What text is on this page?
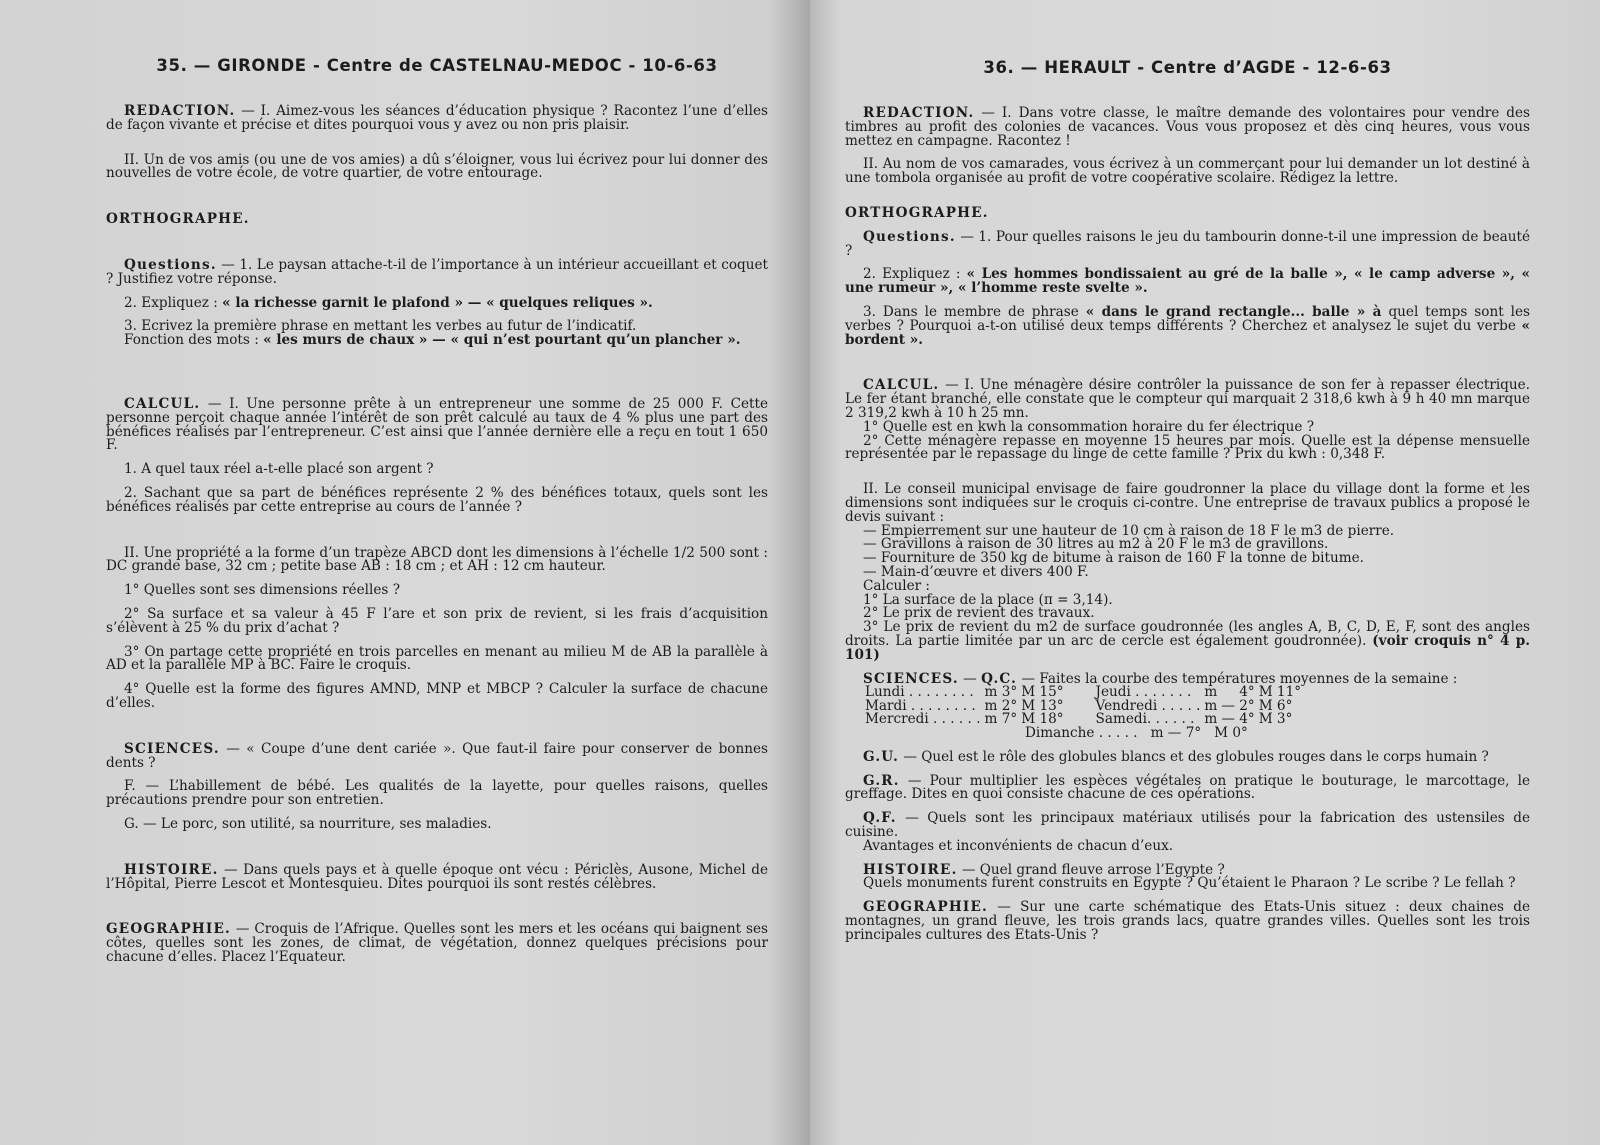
35. — GIRONDE - Centre de CASTELNAU-MEDOC - 10-6-63

REDACTION. — I. Aimez-vous les séances d’éducation physique ? Racontez l’une d’elles de façon vivante et précise et dites pourquoi vous y avez ou non pris plaisir.

II. Un de vos amis (ou une de vos amies) a dû s’éloigner, vous lui écrivez pour lui donner des nouvelles de votre école, de votre quartier, de votre entourage.

ORTHOGRAPHE.

Questions. — 1. Le paysan attache-t-il de l’importance à un intérieur accueillant et coquet ? Justifiez votre réponse.

2. Expliquez : « la richesse garnit le plafond » — « quelques reliques ».

3. Ecrivez la première phrase en mettant les verbes au futur de l’indicatif.

Fonction des mots : « les murs de chaux » — « qui n’est pourtant qu’un plancher ».

CALCUL. — I. Une personne prête à un entrepreneur une somme de 25 000 F. Cette personne perçoit chaque année l’intérêt de son prêt calculé au taux de 4 % plus une part des bénéfices réalisés par l’entrepreneur. C’est ainsi que l’année dernière elle a reçu en tout 1 650 F.

1. A quel taux réel a-t-elle placé son argent ?

2. Sachant que sa part de bénéfices représente 2 % des bénéfices totaux, quels sont les bénéfices réalisés par cette entreprise au cours de l’année ?

II. Une propriété a la forme d’un trapèze ABCD dont les dimensions à l’échelle 1/2 500 sont : DC grande base, 32 cm ; petite base AB : 18 cm ; et AH : 12 cm hauteur.

1° Quelles sont ses dimensions réelles ?

2° Sa surface et sa valeur à 45 F l’are et son prix de revient, si les frais d’acquisition s’élèvent à 25 % du prix d’achat ?

3° On partage cette propriété en trois parcelles en menant au milieu M de AB la parallèle à AD et la parallèle MP à BC. Faire le croquis.

4° Quelle est la forme des figures AMND, MNP et MBCP ? Calculer la surface de chacune d’elles.

SCIENCES. — « Coupe d’une dent cariée ». Que faut-il faire pour conserver de bonnes dents ?

F. — L’habillement de bébé. Les qualités de la layette, pour quelles raisons, quelles précautions prendre pour son entretien.

G. — Le porc, son utilité, sa nourriture, ses maladies.

HISTOIRE. — Dans quels pays et à quelle époque ont vécu : Périclès, Ausone, Michel de l’Hôpital, Pierre Lescot et Montesquieu. Dites pourquoi ils sont restés célèbres.

GEOGRAPHIE. — Croquis de l’Afrique. Quelles sont les mers et les océans qui baignent ses côtes, quelles sont les zones, de climat, de végétation, donnez quelques précisions pour chacune d’elles. Placez l’Equateur.

36. — HERAULT - Centre d’AGDE - 12-6-63

REDACTION. — I. Dans votre classe, le maître demande des volontaires pour vendre des timbres au profit des colonies de vacances. Vous vous proposez et dès cinq heures, vous vous mettez en campagne. Racontez !

II. Au nom de vos camarades, vous écrivez à un commerçant pour lui demander un lot destiné à une tombola organisée au profit de votre coopérative scolaire. Rédigez la lettre.

ORTHOGRAPHE.

Questions. — 1. Pour quelles raisons le jeu du tambourin donne-t-il une impression de beauté ?

2. Expliquez : « Les hommes bondissaient au gré de la balle », « le camp adverse », « une rumeur », « l’homme reste svelte ».

3. Dans le membre de phrase « dans le grand rectangle... balle » à quel temps sont les verbes ? Pourquoi a-t-on utilisé deux temps différents ? Cherchez et analysez le sujet du verbe « bordent ».

CALCUL. — I. Une ménagère désire contrôler la puissance de son fer à repasser électrique. Le fer étant branché, elle constate que le compteur qui marquait 2 318,6 kwh à 9 h 40 mn marque 2 319,2 kwh à 10 h 25 mn.

1° Quelle est en kwh la consommation horaire du fer électrique ?

2° Cette ménagère repasse en moyenne 15 heures par mois. Quelle est la dépense mensuelle représentée par le repassage du linge de cette famille ? Prix du kwh : 0,348 F.

II. Le conseil municipal envisage de faire goudronner la place du village dont la forme et les dimensions sont indiquées sur le croquis ci-contre. Une entreprise de travaux publics a proposé le devis suivant :

— Empierrement sur une hauteur de 10 cm à raison de 18 F le m3 de pierre.

— Gravillons à raison de 30 litres au m2 à 20 F le m3 de gravillons.

— Fourniture de 350 kg de bitume à raison de 160 F la tonne de bitume.

— Main-d’œuvre et divers 400 F.

Calculer :

1° La surface de la place (π = 3,14).

2° Le prix de revient des travaux.

3° Le prix de revient du m2 de surface goudronnée (les angles A, B, C, D, E, F, sont des angles droits. La partie limitée par un arc de cercle est également goudronnée). (voir croquis n° 4 p. 101)

SCIENCES. — Q.C. — Faites la courbe des températures moyennes de la semaine :

Lundi . . . . . . . .	m 3°	M 15°	Jeudi . . . . . . .	m	4°	M 11°
Mardi . . . . . . . .	m 2°	M 13°	Vendredi . . . . .	m	— 2°	M 6°
Mercredi . . . . . .	m 7°	M 18°	Samedi. . . . . .	m	— 4°	M 3°

Dimanche . . . . .   m — 7°   M 0°

G.U. — Quel est le rôle des globules blancs et des globules rouges dans le corps humain ?

G.R. — Pour multiplier les espèces végétales on pratique le bouturage, le marcottage, le greffage. Dites en quoi consiste chacune de ces opérations.

Q.F. — Quels sont les principaux matériaux utilisés pour la fabrication des ustensiles de cuisine.

Avantages et inconvénients de chacun d’eux.

HISTOIRE. — Quel grand fleuve arrose l’Egypte ?

Quels monuments furent construits en Egypte ? Qu’étaient le Pharaon ? Le scribe ? Le fellah ?

GEOGRAPHIE. — Sur une carte schématique des Etats-Unis situez : deux chaines de montagnes, un grand fleuve, les trois grands lacs, quatre grandes villes. Quelles sont les trois principales cultures des Etats-Unis ?
